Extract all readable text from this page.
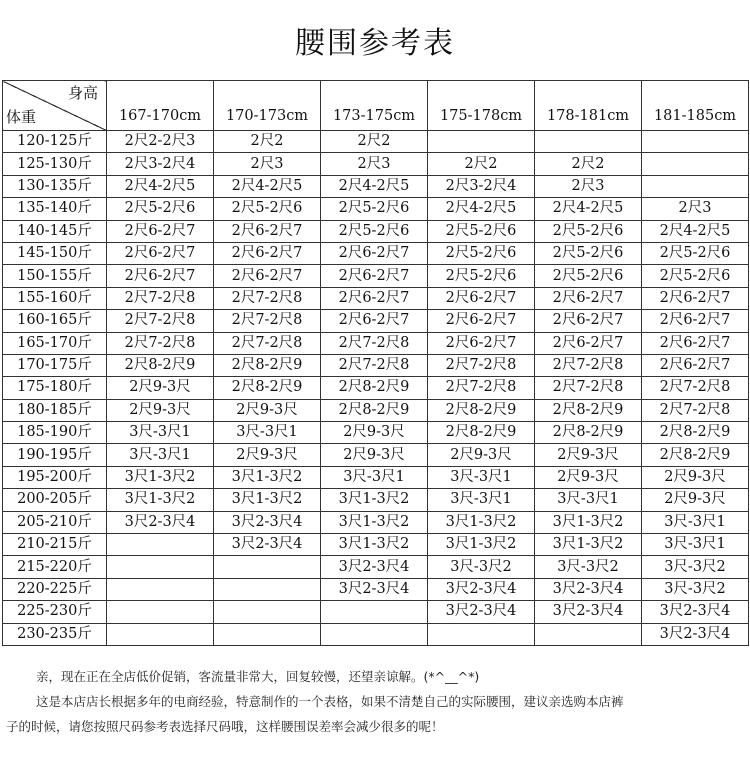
腰围参考表
身高
体重	167-170cm	170-173cm	173-175cm	175-178cm	178-181cm	181-185cm
120-125斤	2尺2-2尺3	2尺2	2尺2			
125-130斤	2尺3-2尺4	2尺3	2尺3	2尺2	2尺2	
130-135斤	2尺4-2尺5	2尺4-2尺5	2尺4-2尺5	2尺3-2尺4	2尺3	
135-140斤	2尺5-2尺6	2尺5-2尺6	2尺5-2尺6	2尺4-2尺5	2尺4-2尺5	2尺3
140-145斤	2尺6-2尺7	2尺6-2尺7	2尺5-2尺6	2尺5-2尺6	2尺5-2尺6	2尺4-2尺5
145-150斤	2尺6-2尺7	2尺6-2尺7	2尺6-2尺7	2尺5-2尺6	2尺5-2尺6	2尺5-2尺6
150-155斤	2尺6-2尺7	2尺6-2尺7	2尺6-2尺7	2尺5-2尺6	2尺5-2尺6	2尺5-2尺6
155-160斤	2尺7-2尺8	2尺7-2尺8	2尺6-2尺7	2尺6-2尺7	2尺6-2尺7	2尺6-2尺7
160-165斤	2尺7-2尺8	2尺7-2尺8	2尺6-2尺7	2尺6-2尺7	2尺6-2尺7	2尺6-2尺7
165-170斤	2尺7-2尺8	2尺7-2尺8	2尺7-2尺8	2尺6-2尺7	2尺6-2尺7	2尺6-2尺7
170-175斤	2尺8-2尺9	2尺8-2尺9	2尺7-2尺8	2尺7-2尺8	2尺7-2尺8	2尺6-2尺7
175-180斤	2尺9-3尺	2尺8-2尺9	2尺8-2尺9	2尺7-2尺8	2尺7-2尺8	2尺7-2尺8
180-185斤	2尺9-3尺	2尺9-3尺	2尺8-2尺9	2尺8-2尺9	2尺8-2尺9	2尺7-2尺8
185-190斤	3尺-3尺1	3尺-3尺1	2尺9-3尺	2尺8-2尺9	2尺8-2尺9	2尺8-2尺9
190-195斤	3尺-3尺1	2尺9-3尺	2尺9-3尺	2尺9-3尺	2尺9-3尺	2尺8-2尺9
195-200斤	3尺1-3尺2	3尺1-3尺2	3尺-3尺1	3尺-3尺1	2尺9-3尺	2尺9-3尺
200-205斤	3尺1-3尺2	3尺1-3尺2	3尺1-3尺2	3尺-3尺1	3尺-3尺1	2尺9-3尺
205-210斤	3尺2-3尺4	3尺2-3尺4	3尺1-3尺2	3尺1-3尺2	3尺1-3尺2	3尺-3尺1
210-215斤		3尺2-3尺4	3尺1-3尺2	3尺1-3尺2	3尺1-3尺2	3尺-3尺1
215-220斤			3尺2-3尺4	3尺-3尺2	3尺-3尺2	3尺-3尺2
220-225斤			3尺2-3尺4	3尺2-3尺4	3尺2-3尺4	3尺-3尺2
225-230斤				3尺2-3尺4	3尺2-3尺4	3尺2-3尺4
230-235斤						3尺2-3尺4

亲，现在正在全店低价促销，客流量非常大，回复较慢，还望亲谅解。(*^__^*)

这是本店店长根据多年的电商经验，特意制作的一个表格，如果不清楚自己的实际腰围，建议亲选购本店裤

子的时候，请您按照尺码参考表选择尺码哦，这样腰围误差率会减少很多的呢！
